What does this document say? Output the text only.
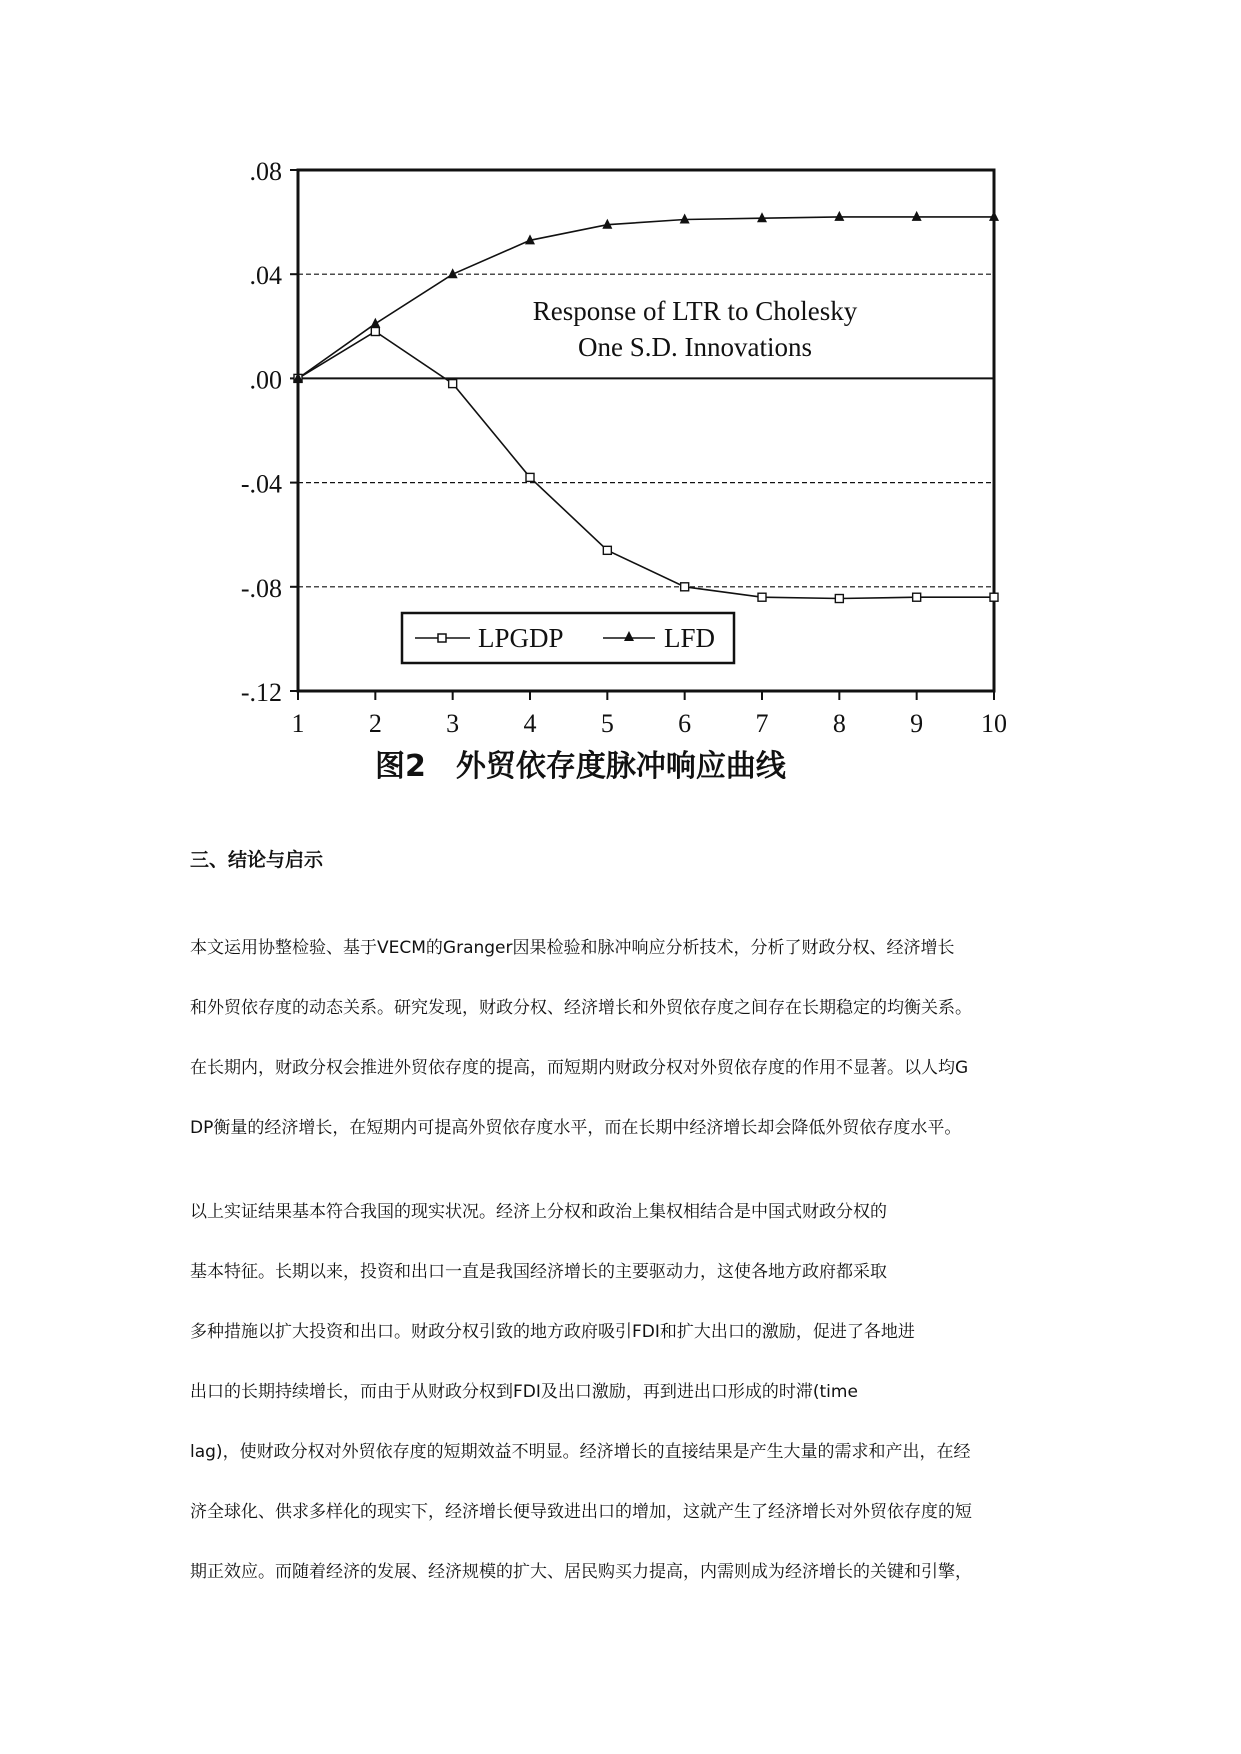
.08
.04
.00
-.04
-.08
-.12
1 2 3 4 5 6 7 8 9 10
Response of LTR to Cholesky
One S.D. Innovations
LPGDP	LFD
图2　外贸依存度脉冲响应曲线
三、结论与启示

本文运用协整检验、基于VECM的Granger因果检验和脉冲响应分析技术，分析了财政分权、经济增长

和外贸依存度的动态关系。研究发现，财政分权、经济增长和外贸依存度之间存在长期稳定的均衡关系。

在长期内，财政分权会推进外贸依存度的提高，而短期内财政分权对外贸依存度的作用不显著。以人均G

DP衡量的经济增长，在短期内可提高外贸依存度水平，而在长期中经济增长却会降低外贸依存度水平。

以上实证结果基本符合我国的现实状况。经济上分权和政治上集权相结合是中国式财政分权的

基本特征。长期以来，投资和出口一直是我国经济增长的主要驱动力，这使各地方政府都采取

多种措施以扩大投资和出口。财政分权引致的地方政府吸引FDI和扩大出口的激励，促进了各地进

出口的长期持续增长，而由于从财政分权到FDI及出口激励，再到进出口形成的时滞(time

lag)，使财政分权对外贸依存度的短期效益不明显。经济增长的直接结果是产生大量的需求和产出，在经

济全球化、供求多样化的现实下，经济增长便导致进出口的增加，这就产生了经济增长对外贸依存度的短

期正效应。而随着经济的发展、经济规模的扩大、居民购买力提高，内需则成为经济增长的关键和引擎，
